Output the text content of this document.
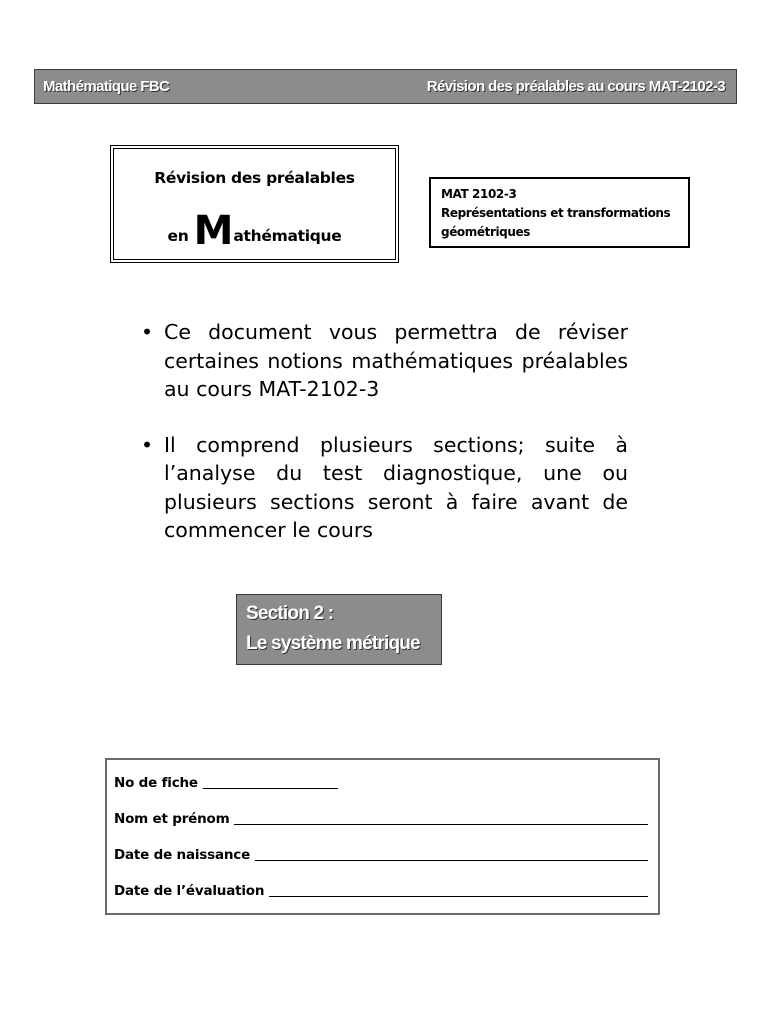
Mathématique FBC	Révision des préalables au cours MAT-2102-3
Révision des préalables
en Mathématique
MAT 2102-3
Représentations et transformations
géométriques
• Ce document vous permettra de réviser certaines notions mathématiques préalables au cours MAT-2102-3
• Il comprend plusieurs sections; suite à l’analyse du test diagnostique, une ou plusieurs sections seront à faire avant de commencer le cours
Section 2 :
Le système métrique
No de fiche
Nom et prénom
Date de naissance
Date de l’évaluation
